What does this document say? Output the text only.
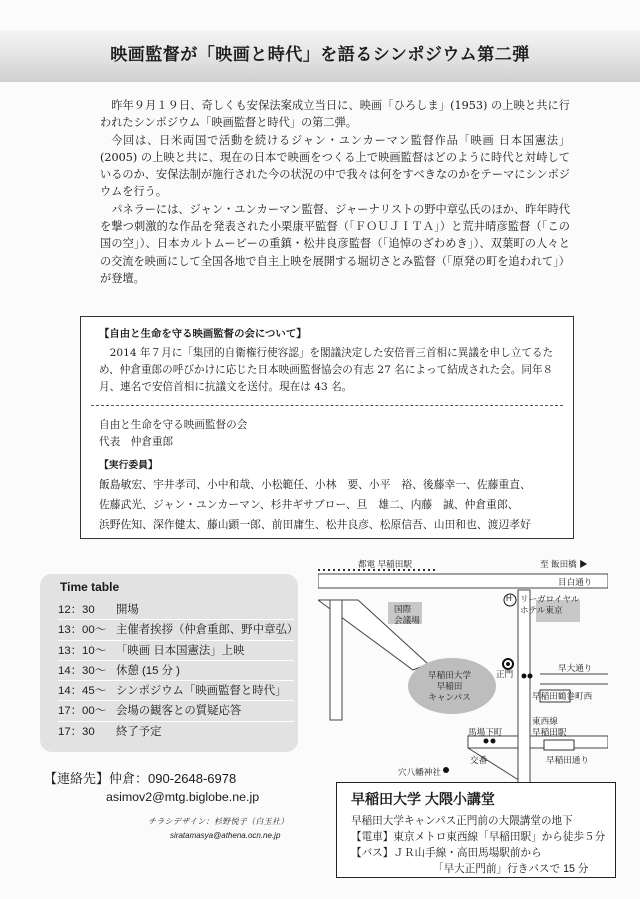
映画監督が「映画と時代」を語るシンポジウム第二弾

昨年９月１９日、奇しくも安保法案成立当日に、映画「ひろしま」(1953) の上映と共に行われたシンポジウム「映画監督と時代」の第二弾。

今回は、日米両国で活動を続けるジャン・ユンカーマン監督作品「映画 日本国憲法」(2005) の上映と共に、現在の日本で映画をつくる上で映画監督はどのように時代と対峙しているのか、安保法制が施行された今の状況の中で我々は何をすべきなのかをテーマにシンポジウムを行う。

パネラーには、ジャン・ユンカーマン監督、ジャーナリストの野中章弘氏のほか、昨年時代を撃つ刺激的な作品を発表された小栗康平監督（「ＦＯＵＪＩＴＡ」）と荒井晴彦監督（「この国の空」）、日本カルトムービーの重鎮・松井良彦監督（「追悼のざわめき」）、双葉町の人々との交流を映画にして全国各地で自主上映を展開する堀切さとみ監督（「原発の町を追われて」）が登壇。

【自由と生命を守る映画監督の会について】
2014 年７月に「集団的自衛権行使容認」を閣議決定した安倍晋三首相に異議を申し立てるため、仲倉重郎の呼びかけに応じた日本映画監督協会の有志 27 名によって結成された会。同年８月、連名で安倍首相に抗議文を送付。現在は 43 名。
自由と生命を守る映画監督の会
代表　仲倉重郎
【実行委員】
飯島敏宏、宇井孝司、小中和哉、小松範任、小林　要、小平　裕、後藤幸一、佐藤重直、
佐藤武光、ジャン・ユンカーマン、杉井ギサブロー、旦　雄二、内藤　誠、仲倉重郎、
浜野佐知、深作健太、藤山顕一郎、前田庸生、松井良彦、松原信吾、山田和也、渡辺孝好
Time table
12：30　 開場
13：00～ 主催者挨拶（仲倉重郎、野中章弘）
13：10～ 「映画 日本国憲法」上映
14：30～ 休憩 (15 分 )
14：45～ シンポジウム「映画監督と時代」
17：00～ 会場の観客との質疑応答
17：30　 終了予定
【連絡先】仲倉：090-2648-6978
asimov2@mtg.biglobe.ne.jp
チラシデザイン：杉野悦子（白玉社）
siratamasya@athena.ocn.ne.jp
都電 早稲田駅	至 飯田橋 ▶
目白通り
H リーガロイヤル
ホテル東京
国際
会議場
早稲田大学
早稲田
キャンパス
正門
早大通り
早稲田鶴巻町西
東西線
早稲田駅
馬場下町
交番
穴八幡神社
早稲田通り
早稲田大学 大隈小講堂
早稲田大学キャンパス正門前の大隈講堂の地下
【電車】東京メトロ東西線「早稲田駅」から徒歩５分
【バス】ＪＲ山手線・高田馬場駅前から
「早大正門前」行きバスで 15 分
